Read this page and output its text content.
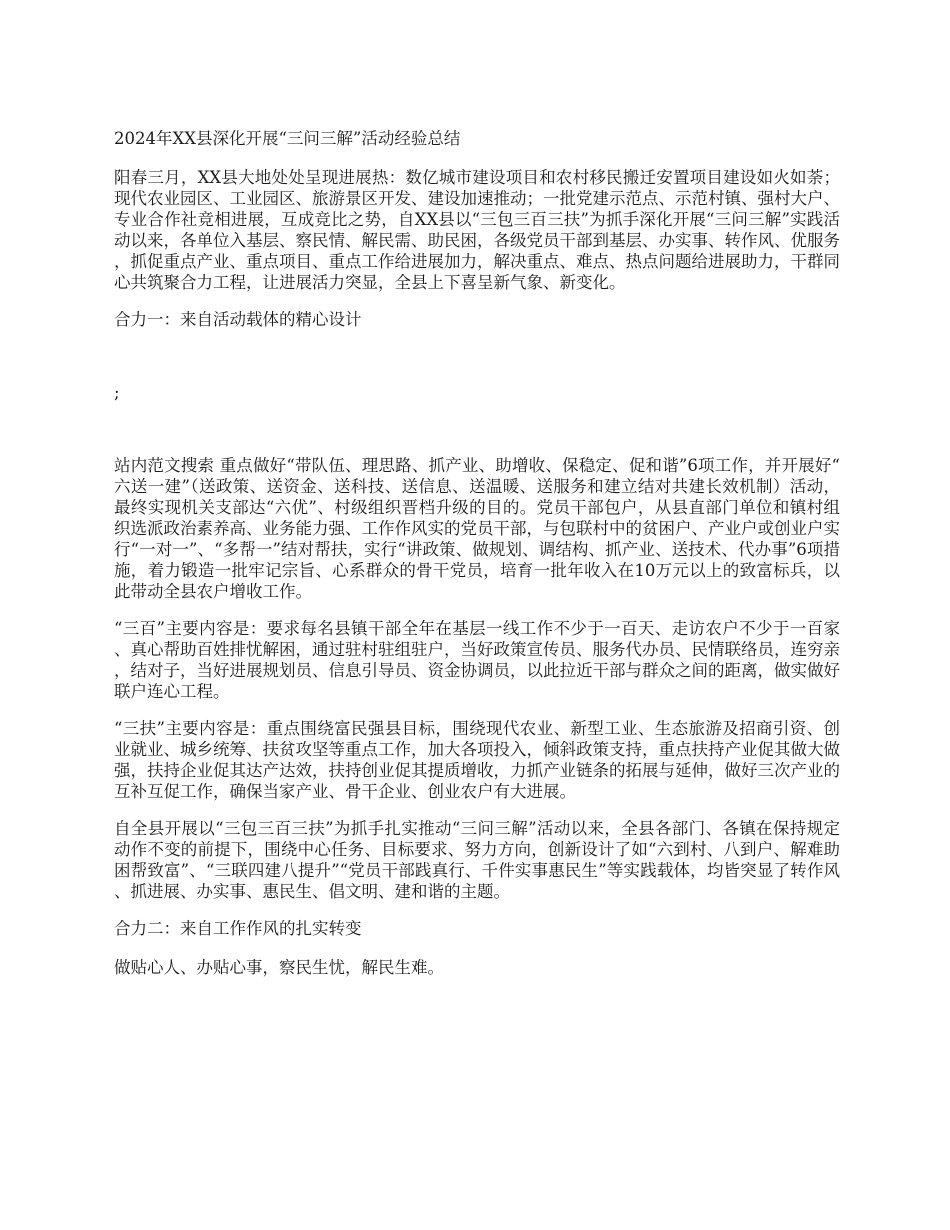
2024年XX县深化开展“三问三解”活动经验总结

阳春三月，XX县大地处处呈现进展热：数亿城市建设项目和农村移民搬迁安置项目建设如火如荼；现代农业园区、工业园区、旅游景区开发、建设加速推动；一批党建示范点、示范村镇、强村大户、专业合作社竞相进展，互成竞比之势，自XX县以“三包三百三扶”为抓手深化开展“三问三解”实践活动以来，各单位入基层、察民情、解民需、助民困，各级党员干部到基层、办实事、转作风、优服务，抓促重点产业、重点项目、重点工作给进展加力，解决重点、难点、热点问题给进展助力，干群同心共筑聚合力工程，让进展活力突显，全县上下喜呈新气象、新变化。

合力一：来自活动载体的精心设计

;

站内范文搜索 重点做好“带队伍、理思路、抓产业、助增收、保稳定、促和谐”6项工作，并开展好“六送一建”（送政策、送资金、送科技、送信息、送温暖、送服务和建立结对共建长效机制）活动，最终实现机关支部达“六优”、村级组织晋档升级的目的。党员干部包户，从县直部门单位和镇村组织选派政治素养高、业务能力强、工作作风实的党员干部，与包联村中的贫困户、产业户或创业户实行“一对一”、“多帮一”结对帮扶，实行“讲政策、做规划、调结构、抓产业、送技术、代办事”6项措施，着力锻造一批牢记宗旨、心系群众的骨干党员，培育一批年收入在10万元以上的致富标兵，以此带动全县农户增收工作。

“三百”主要内容是：要求每名县镇干部全年在基层一线工作不少于一百天、走访农户不少于一百家、真心帮助百姓排忧解困，通过驻村驻组驻户，当好政策宣传员、服务代办员、民情联络员，连穷亲，结对子，当好进展规划员、信息引导员、资金协调员，以此拉近干部与群众之间的距离，做实做好联户连心工程。

“三扶”主要内容是：重点围绕富民强县目标，围绕现代农业、新型工业、生态旅游及招商引资、创业就业、城乡统筹、扶贫攻坚等重点工作，加大各项投入，倾斜政策支持，重点扶持产业促其做大做强，扶持企业促其达产达效，扶持创业促其提质增收，力抓产业链条的拓展与延伸，做好三次产业的互补互促工作，确保当家产业、骨干企业、创业农户有大进展。

自全县开展以“三包三百三扶”为抓手扎实推动“三问三解”活动以来，全县各部门、各镇在保持规定动作不变的前提下，围绕中心任务、目标要求、努力方向，创新设计了如“六到村、八到户、解难助困帮致富”、“三联四建八提升”“党员干部践真行、千件实事惠民生”等实践载体，均皆突显了转作风、抓进展、办实事、惠民生、倡文明、建和谐的主题。

合力二：来自工作作风的扎实转变

做贴心人、办贴心事，察民生忧，解民生难。
